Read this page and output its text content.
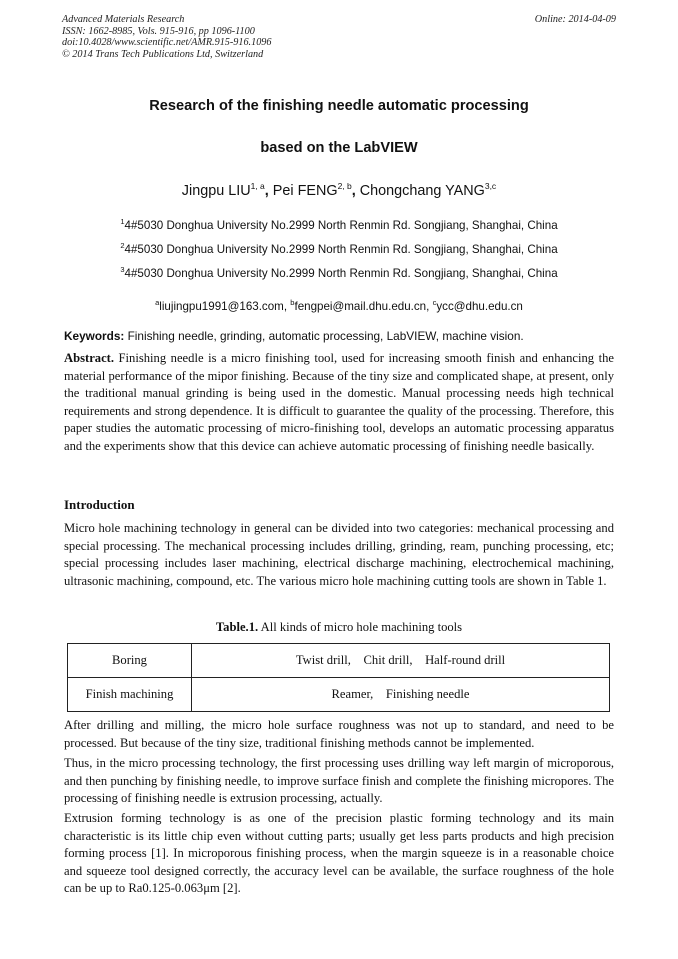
Advanced Materials Research
ISSN: 1662-8985, Vols. 915-916, pp 1096-1100
doi:10.4028/www.scientific.net/AMR.915-916.1096
© 2014 Trans Tech Publications Ltd, Switzerland
Online: 2014-04-09
Research of the finishing needle automatic processing
based on the LabVIEW
Jingpu LIU$^{1, a}$, Pei FENG$^{2, b}$, Chongchang YANG$^{3,c}$
$^1$4#5030 Donghua University No.2999 North Renmin Rd. Songjiang, Shanghai, China
$^2$4#5030 Donghua University No.2999 North Renmin Rd. Songjiang, Shanghai, China
$^3$4#5030 Donghua University No.2999 North Renmin Rd. Songjiang, Shanghai, China
$^a$liujingpu1991@163.com, $^b$fengpei@mail.dhu.edu.cn, $^c$ycc@dhu.edu.cn
Keywords: Finishing needle, grinding, automatic processing, LabVIEW, machine vision.
Abstract. Finishing needle is a micro finishing tool, used for increasing smooth finish and enhancing the material performance of the mipor finishing. Because of the tiny size and complicated shape, at present, only the traditional manual grinding is being used in the domestic. Manual processing needs high technical requirements and strong dependence. It is difficult to guarantee the quality of the processing. Therefore, this paper studies the automatic processing of micro-finishing tool, develops an automatic processing apparatus and the experiments show that this device can achieve automatic processing of finishing needle basically.
Introduction
Micro hole machining technology in general can be divided into two categories: mechanical processing and special processing. The mechanical processing includes drilling, grinding, ream, punching processing, etc; special processing includes laser machining, electrical discharge machining, electrochemical machining, ultrasonic machining, compound, etc. The various micro hole machining cutting tools are shown in Table 1.
Table.1. All kinds of micro hole machining tools
Boring	Twist drill,    Chit drill,    Half-round drill
Finish machining	Reamer,    Finishing needle
After drilling and milling, the micro hole surface roughness was not up to standard, and need to be processed. But because of the tiny size, traditional finishing methods cannot be implemented.
Thus, in the micro processing technology, the first processing uses drilling way left margin of microporous, and then punching by finishing needle, to improve surface finish and complete the finishing micropores. The processing of finishing needle is extrusion processing, actually.
Extrusion forming technology is as one of the precision plastic forming technology and its main characteristic is its little chip even without cutting parts; usually get less parts products and high precision forming process [1]. In microporous finishing process, when the margin squeeze is in a reasonable choice and squeeze tool designed correctly, the accuracy level can be available, the surface roughness of the hole can be up to Ra0.125-0.063μm [2].
